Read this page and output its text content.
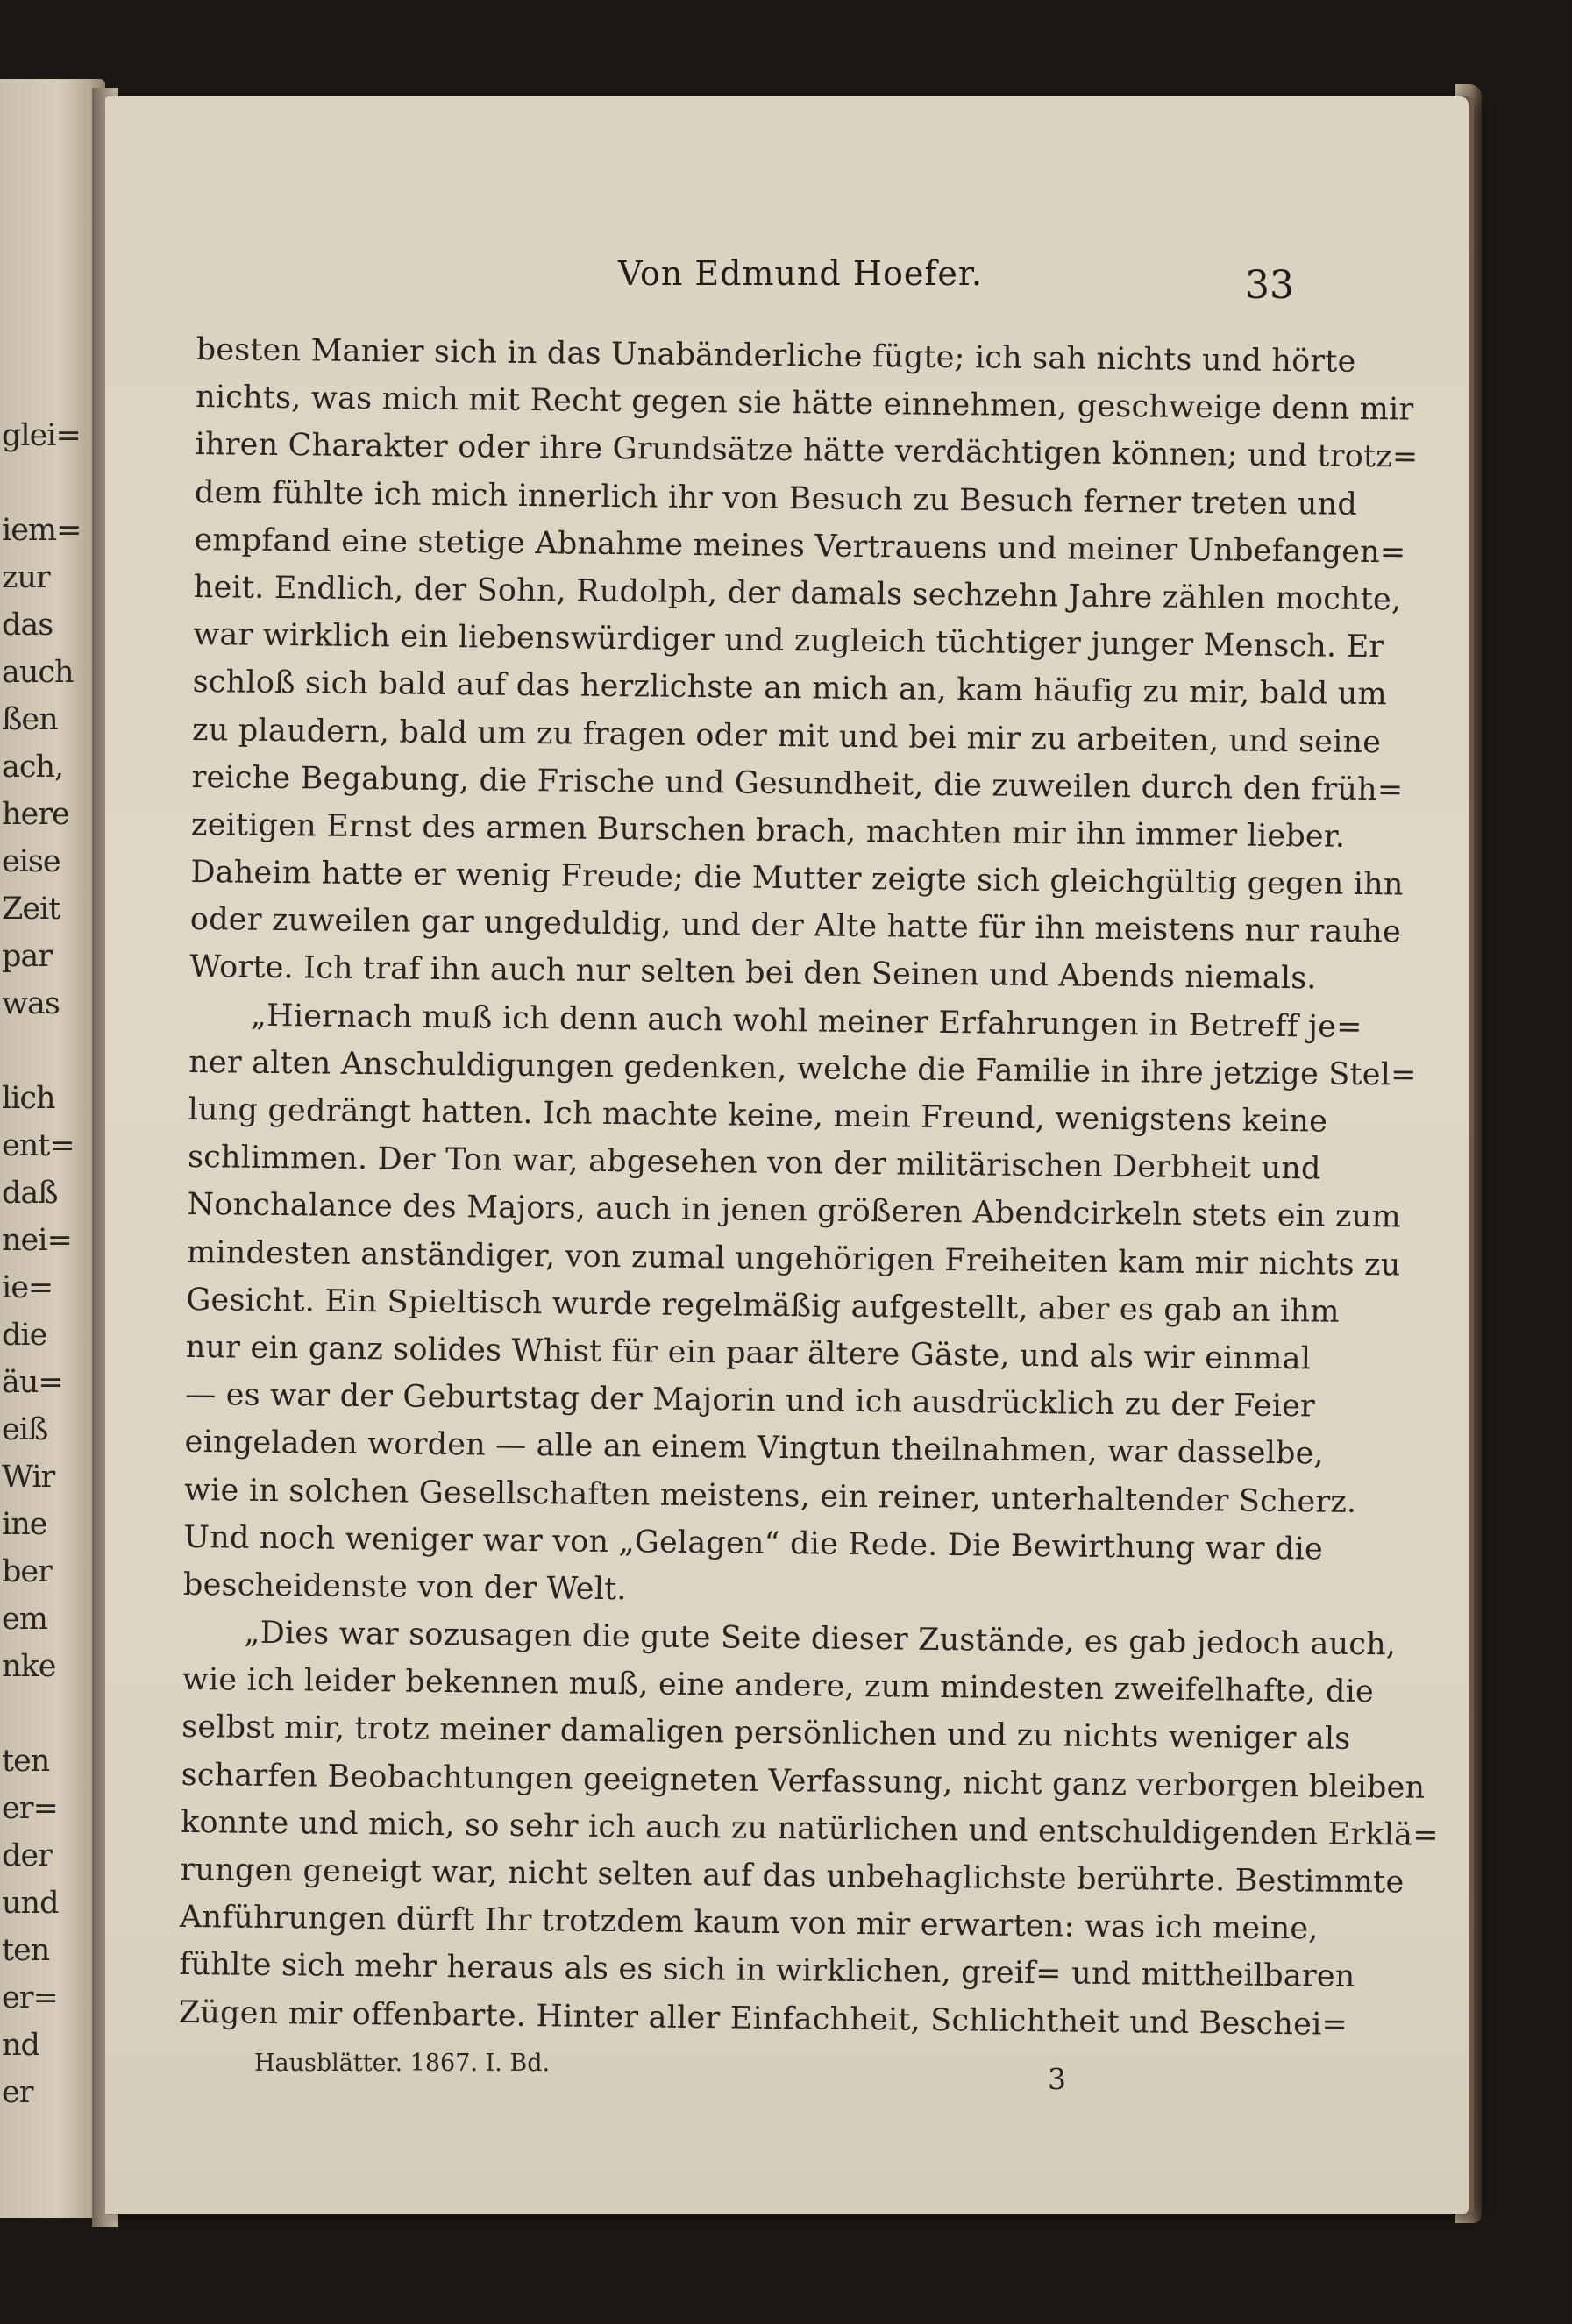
glei=
iem=
zur
das
auch
ßen
ach,
here
eise
Zeit
par
was
lich
ent=
daß
nei=
ie=
die
äu=
eiß
Wir
ine
ber
em
nke
ten
er=
der
und
ten
er=
nd
er
Von Edmund Hoefer.	33
besten Manier sich in das Unabänderliche fügte; ich sah nichts und hörte
nichts, was mich mit Recht gegen sie hätte einnehmen, geschweige denn mir
ihren Charakter oder ihre Grundsätze hätte verdächtigen können; und trotz=
dem fühlte ich mich innerlich ihr von Besuch zu Besuch ferner treten und
empfand eine stetige Abnahme meines Vertrauens und meiner Unbefangen=
heit. Endlich, der Sohn, Rudolph, der damals sechzehn Jahre zählen mochte,
war wirklich ein liebenswürdiger und zugleich tüchtiger junger Mensch. Er
schloß sich bald auf das herzlichste an mich an, kam häufig zu mir, bald um
zu plaudern, bald um zu fragen oder mit und bei mir zu arbeiten, und seine
reiche Begabung, die Frische und Gesundheit, die zuweilen durch den früh=
zeitigen Ernst des armen Burschen brach, machten mir ihn immer lieber.
Daheim hatte er wenig Freude; die Mutter zeigte sich gleichgültig gegen ihn
oder zuweilen gar ungeduldig, und der Alte hatte für ihn meistens nur rauhe
Worte. Ich traf ihn auch nur selten bei den Seinen und Abends niemals.
„Hiernach muß ich denn auch wohl meiner Erfahrungen in Betreff je=
ner alten Anschuldigungen gedenken, welche die Familie in ihre jetzige Stel=
lung gedrängt hatten. Ich machte keine, mein Freund, wenigstens keine
schlimmen. Der Ton war, abgesehen von der militärischen Derbheit und
Nonchalance des Majors, auch in jenen größeren Abendcirkeln stets ein zum
mindesten anständiger, von zumal ungehörigen Freiheiten kam mir nichts zu
Gesicht. Ein Spieltisch wurde regelmäßig aufgestellt, aber es gab an ihm
nur ein ganz solides Whist für ein paar ältere Gäste, und als wir einmal
— es war der Geburtstag der Majorin und ich ausdrücklich zu der Feier
eingeladen worden — alle an einem Vingtun theilnahmen, war dasselbe,
wie in solchen Gesellschaften meistens, ein reiner, unterhaltender Scherz.
Und noch weniger war von „Gelagen“ die Rede. Die Bewirthung war die
bescheidenste von der Welt.
„Dies war sozusagen die gute Seite dieser Zustände, es gab jedoch auch,
wie ich leider bekennen muß, eine andere, zum mindesten zweifelhafte, die
selbst mir, trotz meiner damaligen persönlichen und zu nichts weniger als
scharfen Beobachtungen geeigneten Verfassung, nicht ganz verborgen bleiben
konnte und mich, so sehr ich auch zu natürlichen und entschuldigenden Erklä=
rungen geneigt war, nicht selten auf das unbehaglichste berührte. Bestimmte
Anführungen dürft Ihr trotzdem kaum von mir erwarten: was ich meine,
fühlte sich mehr heraus als es sich in wirklichen, greif= und mittheilbaren
Zügen mir offenbarte. Hinter aller Einfachheit, Schlichtheit und Beschei=
Hausblätter. 1867. I. Bd.	3
